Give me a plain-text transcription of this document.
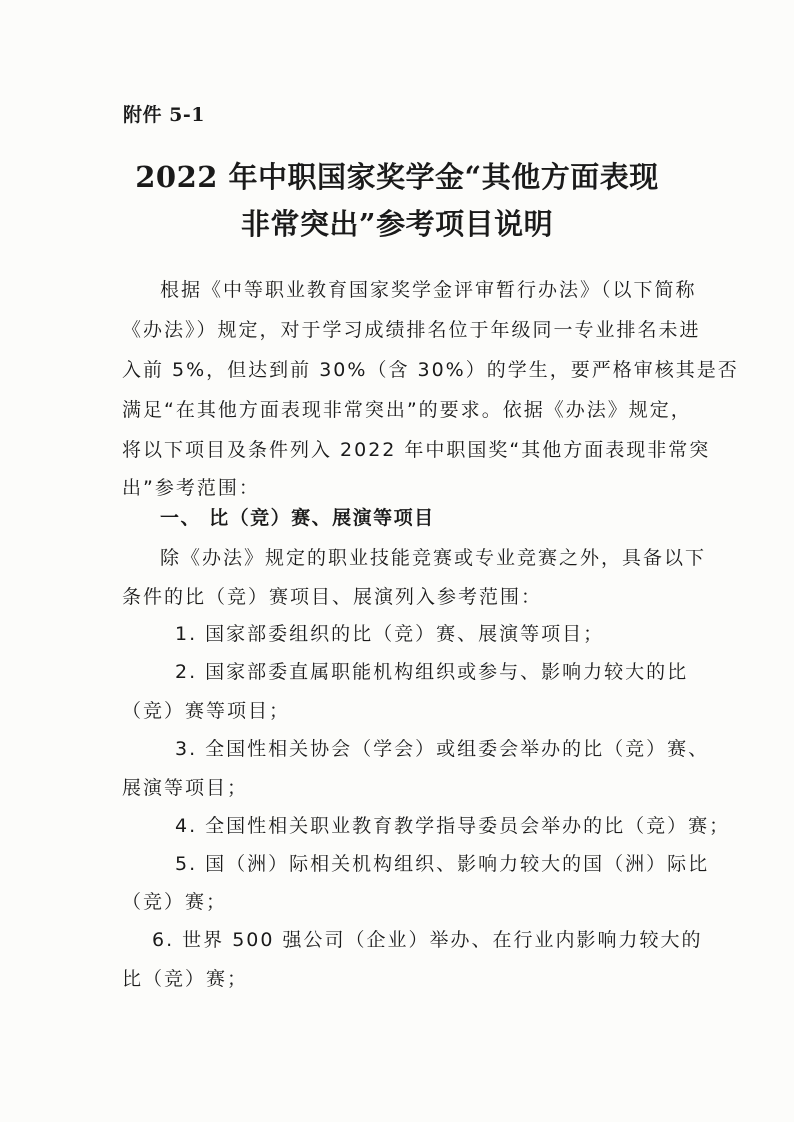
附件 5-1
2022 年中职国家奖学金“其他方面表现
非常突出”参考项目说明
根据《中等职业教育国家奖学金评审暂行办法》（以下简称
《办法》）规定，对于学习成绩排名位于年级同一专业排名未进
入前 5%，但达到前 30%（含 30%）的学生，要严格审核其是否
满足“在其他方面表现非常突出”的要求。依据《办法》规定，
将以下项目及条件列入 2022 年中职国奖“其他方面表现非常突
出”参考范围：
一、 比（竞）赛、展演等项目
除《办法》规定的职业技能竞赛或专业竞赛之外，具备以下
条件的比（竞）赛项目、展演列入参考范围：
1. 国家部委组织的比（竞）赛、展演等项目；
2. 国家部委直属职能机构组织或参与、影响力较大的比
（竞）赛等项目；
3. 全国性相关协会（学会）或组委会举办的比（竞）赛、
展演等项目；
4. 全国性相关职业教育教学指导委员会举办的比（竞）赛；
5. 国（洲）际相关机构组织、影响力较大的国（洲）际比
（竞）赛；
6. 世界 500 强公司（企业）举办、在行业内影响力较大的
比（竞）赛；
